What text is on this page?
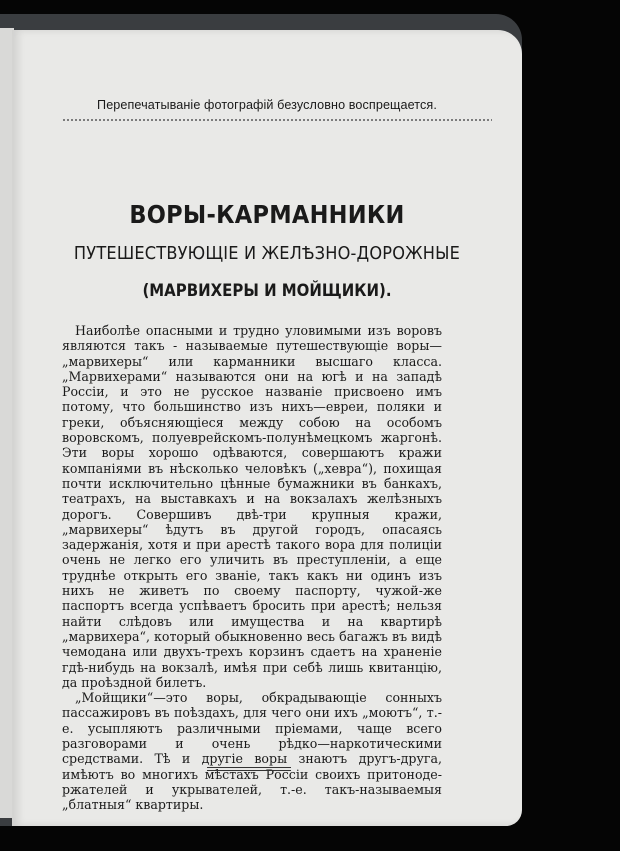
Перепечатываніе фотографій безусловно воспрещается.
ВОРЫ-КАРМАННИКИ
ПУТЕШЕСТВУЮЩІЕ И ЖЕЛѢЗНО-ДОРОЖНЫЕ
(МАРВИХЕРЫ И МОЙЩИКИ).

Наиболѣе опасными и трудно уловимыми изъ воровъ являются такъ - называемые путешествующіе воры— „марвихеры“ или карманники высшаго класса. „Марвихерами“ называются они на югѣ и на западѣ Россіи, и это не русское названіе присвоено имъ потому, что большинство изъ нихъ—евреи, поляки и греки, объясняющіеся между собою на особомъ воровскомъ, полуеврейскомъ-полунѣмецкомъ жаргонѣ. Эти воры хорошо одѣваются, совершаютъ кражи компаніями въ нѣсколько человѣкъ („хевра“), похищая почти исключительно цѣнные бумажники въ банкахъ, театрахъ, на выставкахъ и на вокзалахъ желѣзныхъ дорогъ. Совершивъ двѣ-три крупныя кражи, „марвихеры“ ѣдутъ въ другой городъ, опасаясь задержанія, хотя и при арестѣ такого вора для полиціи очень не легко его уличить въ преступленіи, а еще труднѣе открыть его званіе, такъ какъ ни одинъ изъ нихъ не живетъ по своему паспорту, чужой-же паспортъ всегда успѣваетъ бросить при арестѣ; нельзя найти слѣдовъ или имущества и на квартирѣ „марвихера“, который обыкновенно весь багажъ въ видѣ чемодана или двухъ-трехъ корзинъ сдаетъ на храненіе гдѣ-нибудь на вокзалѣ, имѣя при себѣ лишь квитанцію, да проѣздной билетъ.

„Мойщики“—это воры, обкрадывающіе сонныхъ пассажировъ въ поѣздахъ, для чего они ихъ „моютъ“, т.-е. усыпляютъ различными пріемами, чаще всего разговорами и очень рѣдко—наркотическими средствами. Тѣ и другіе воры знаютъ другъ-друга, имѣютъ во многихъ мѣстахъ Россіи своихъ притонодержателей и укрывателей, т.-е. такъ-называемыя „блатныя“ квартиры.
